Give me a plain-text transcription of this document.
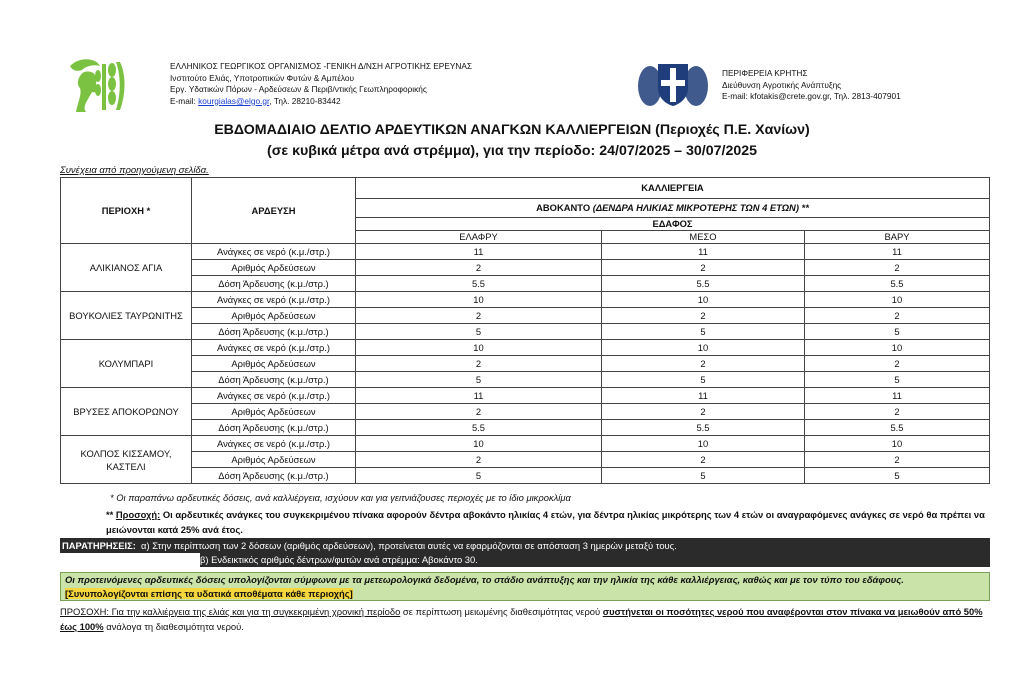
ΕΛΛΗΝΙΚΟΣ ΓΕΩΡΓΙΚΟΣ ΟΡΓΑΝΙΣΜΟΣ -ΓΕΝΙΚΗ Δ/ΝΣΗ ΑΓΡΟΤΙΚΗΣ ΕΡΕΥΝΑΣ
Ινστιτούτο Ελιάς, Υποτροπικών Φυτών & Αμπέλου
Εργ. Υδατικών Πόρων - Αρδεύσεων & Περιβ/ντικής Γεωπληροφορικής
E-mail: kourgialas@elgo.gr, Τηλ. 28210-83442
ΠΕΡΙΦΕΡΕΙΑ ΚΡΗΤΗΣ
Διεύθυνση Αγροτικής Ανάπτυξης
E-mail: kfotakis@crete.gov.gr, Τηλ. 2813-407901
ΕΒΔΟΜΑΔΙΑΙΟ ΔΕΛΤΙΟ ΑΡΔΕΥΤΙΚΩΝ ΑΝΑΓΚΩΝ ΚΑΛΛΙΕΡΓΕΙΩΝ (Περιοχές Π.Ε. Χανίων)
(σε κυβικά μέτρα ανά στρέμμα), για την περίοδο: 24/07/2025 – 30/07/2025
Συνέχεια από προηγούμενη σελίδα.
ΠΕΡΙΟΧΗ *	ΑΡΔΕΥΣΗ	ΚΑΛΛΙΕΡΓΕΙΑ		
		ΑΒΟΚΑΝΤΟ (ΔΕΝΔΡΑ ΗΛΙΚΙΑΣ ΜΙΚΡΟΤΕΡΗΣ ΤΩΝ 4 ΕΤΩΝ) **		
		ΕΔΑΦΟΣ		
		ΕΛΑΦΡΥ	ΜΕΣΟ	ΒΑΡΥ
ΑΛΙΚΙΑΝΟΣ ΑΓΙΑ	Ανάγκες σε νερό (κ.μ./στρ.)	11	11	11
	Αριθμός Αρδεύσεων	2	2	2
	Δόση Άρδευσης (κ.μ./στρ.)	5.5	5.5	5.5
ΒΟΥΚΟΛΙΕΣ ΤΑΥΡΩΝΙΤΗΣ	Ανάγκες σε νερό (κ.μ./στρ.)	10	10	10
	Αριθμός Αρδεύσεων	2	2	2
	Δόση Άρδευσης (κ.μ./στρ.)	5	5	5
ΚΟΛΥΜΠΑΡΙ	Ανάγκες σε νερό (κ.μ./στρ.)	10	10	10
	Αριθμός Αρδεύσεων	2	2	2
	Δόση Άρδευσης (κ.μ./στρ.)	5	5	5
ΒΡΥΣΕΣ ΑΠΟΚΟΡΩΝΟΥ	Ανάγκες σε νερό (κ.μ./στρ.)	11	11	11
	Αριθμός Αρδεύσεων	2	2	2
	Δόση Άρδευσης (κ.μ./στρ.)	5.5	5.5	5.5
ΚΟΛΠΟΣ ΚΙΣΣΑΜΟΥ, ΚΑΣΤΕΛΙ	Ανάγκες σε νερό (κ.μ./στρ.)	10	10	10
	Αριθμός Αρδεύσεων	2	2	2
	Δόση Άρδευσης (κ.μ./στρ.)	5	5	5
* Οι παραπάνω αρδευτικές δόσεις, ανά καλλιέργεια, ισχύουν και για γειτνιάζουσες περιοχές με το ίδιο μικροκλίμα
** Προσοχή: Οι αρδευτικές ανάγκες του συγκεκριμένου πίνακα αφορούν δέντρα αβοκάντο ηλικίας 4 ετών, για δέντρα ηλικίας μικρότερης των 4 ετών οι αναγραφόμενες ανάγκες σε νερό θα πρέπει να μειώνονται κατά 25% ανά έτος.
ΠΑΡΑΤΗΡΗΣΕΙΣ:  α) Στην περίπτωση των 2 δόσεων (αριθμός αρδεύσεων), προτείνεται αυτές να εφαρμόζονται σε απόσταση 3 ημερών μεταξύ τους.
β) Ενδεικτικός αριθμός δέντρων/φυτών ανά στρέμμα: Αβοκάντο 30.
Οι προτεινόμενες αρδευτικές δόσεις υπολογίζονται σύμφωνα με τα μετεωρολογικά δεδομένα, το στάδιο ανάπτυξης και την ηλικία της κάθε καλλιέργειας, καθώς και με τον τύπο του εδάφους. [Συνυπολογίζονται επίσης τα υδατικά αποθέματα κάθε περιοχής]
ΠΡΟΣΟΧΗ: Για την καλλιέργεια της ελιάς και για τη συγκεκριμένη χρονική περίοδο σε περίπτωση μειωμένης διαθεσιμότητας νερού συστήνεται οι ποσότητες νερού που αναφέρονται στον πίνακα να μειωθούν από 50% έως 100% ανάλογα τη διαθεσιμότητα νερού.
